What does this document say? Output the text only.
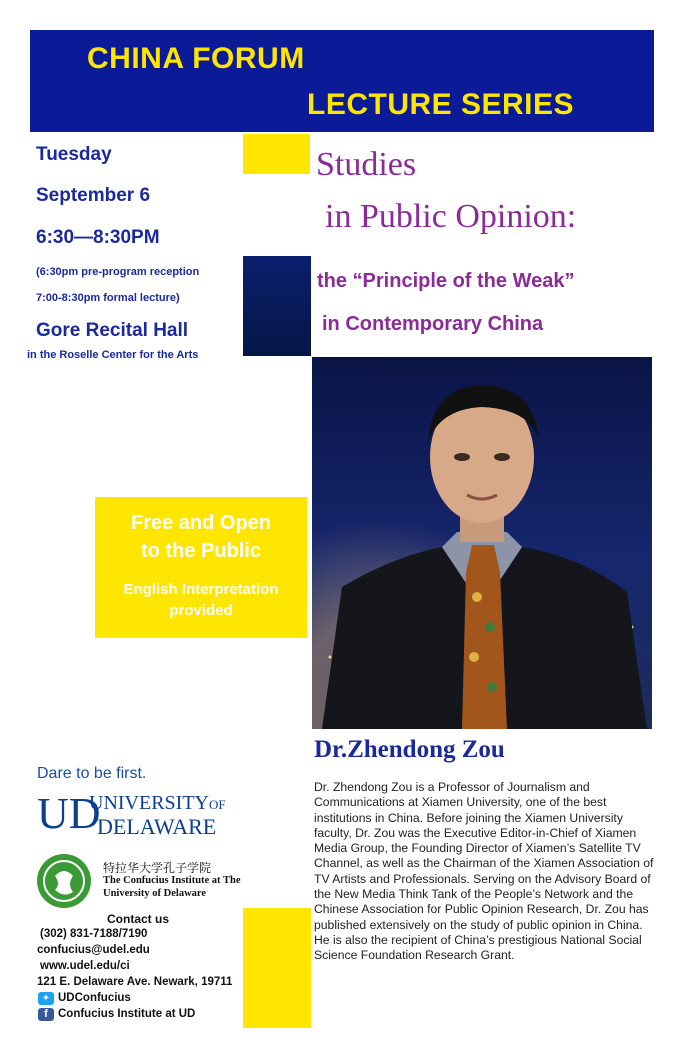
CHINA FORUM
LECTURE SERIES
Tuesday
September 6
6:30—8:30PM
(6:30pm pre-program reception
7:00-8:30pm formal lecture)
Gore Recital Hall
in the Roselle Center for the Arts
Studies
in Public Opinion:
the “Principle of the Weak”
in Contemporary China
Free and Open
to the Public
English Interpretation
provided
Dr.Zhendong Zou
Dr. Zhendong Zou is a Professor of Journalism and Communications at Xiamen University, one of the best institutions in China. Before joining the Xiamen University faculty, Dr. Zou was the Executive Editor-in-Chief of Xiamen Media Group, the Founding Director of Xiamen’s Satellite TV Channel, as well as the Chairman of the Xiamen Association of TV Artists and Professionals. Serving on the Advisory Board of the New Media Think Tank of the People’s Network and the Chinese Association for Public Opinion Research, Dr. Zou has published extensively on the study of public opinion in China. He is also the recipient of China’s prestigious National Social Science Foundation Research Grant.
Dare to be first.
UD
UNIVERSITYOF
DELAWARE
特拉华大学孔子学院
The Confucius Institute at The
University of Delaware
Contact us
(302) 831-7188/7190
confucius@udel.edu
www.udel.edu/ci
121 E. Delaware Ave. Newark, 19711
✦ UDConfucius
f Confucius Institute at UD
